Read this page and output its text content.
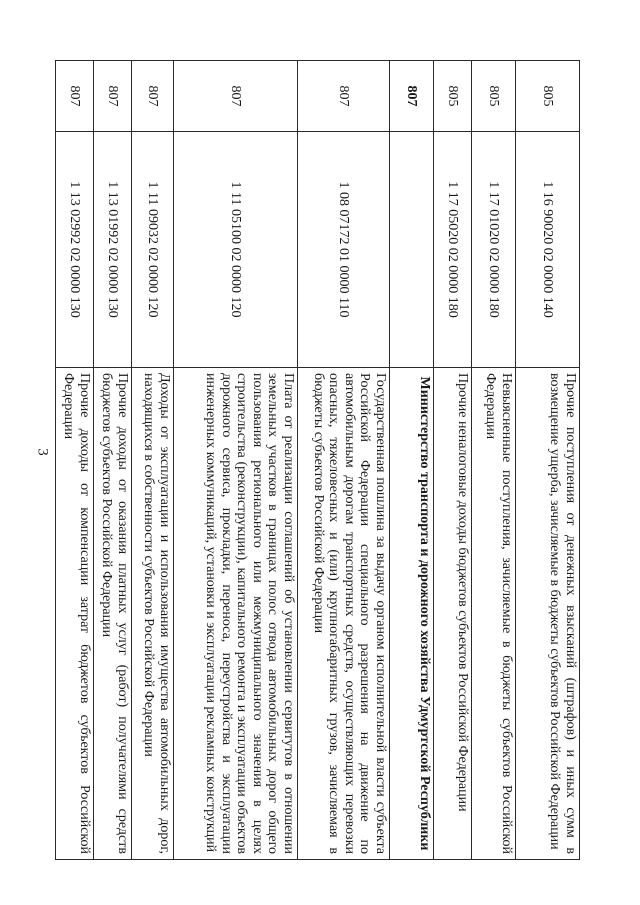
3
805	1 16 90020 02 0000 140	Прочие поступления от денежных взысканий (штрафов) и иных сумм в возмещение ущерба, зачисляемые в бюджеты субъектов Российской Федерации
805	1 17 01020 02 0000 180	Невыясненные поступления, зачисляемые в бюджеты субъектов Российской Федерации
805	1 17 05020 02 0000 180	Прочие неналоговые доходы бюджетов субъектов Российской Федерации
807		Министерство транспорта и дорожного хозяйства Удмуртской Республики
807	1 08 07172 01 0000 110	Государственная пошлина за выдачу органом исполнительной власти субъекта Российской Федерации специального разрешения на движение по автомобильным дорогам транспортных средств, осуществляющих перевозки опасных, тяжеловесных и (или) крупногабаритных грузов, зачисляемая в бюджеты субъектов Российской Федерации
807	1 11 05100 02 0000 120	Плата от реализации соглашений об установлении сервитутов в отношении земельных участков в границах полос отвода автомобильных дорог общего пользования регионального или межмуниципального значения в целях строительства (реконструкции), капитального ремонта и эксплуатации объектов дорожного сервиса, прокладки, переноса, переустройства и эксплуатации инженерных коммуникаций, установки и эксплуатации рекламных конструкций
807	1 11 09032 02 0000 120	Доходы от эксплуатации и использования имущества автомобильных дорог, находящихся в собственности субъектов Российской Федерации
807	1 13 01992 02 0000 130	Прочие доходы от оказания платных услуг (работ) получателями средств бюджетов субъектов Российской Федерации
807	1 13 02992 02 0000 130	Прочие доходы от компенсации затрат бюджетов субъектов Российской Федерации
